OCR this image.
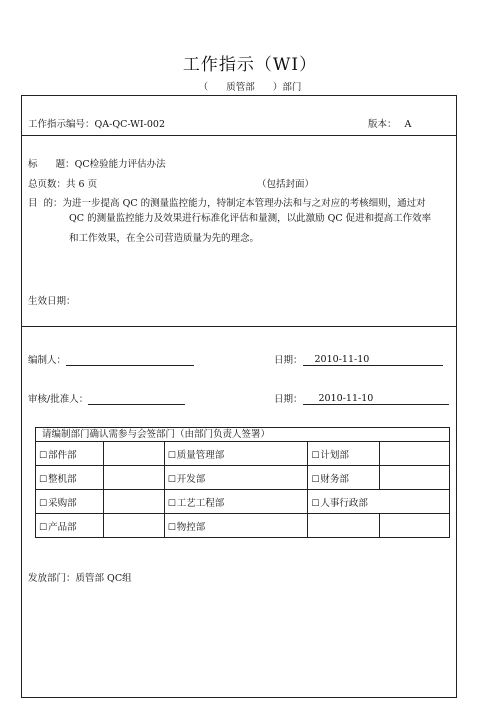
工作指示（WI）
（      质管部      ）部门
工作指示编号：QA-QC-WI-002	版本： A
标      题：QC检验能力评估办法
总页数：共 6 页	（包括封面）
目  的：为进一步提高 QC 的测量监控能力，特制定本管理办法和与之对应的考核细则，通过对
QC 的测量监控能力及效果进行标准化评估和量测，以此激励 QC 促进和提高工作效率
和工作效果，在全公司营造质量为先的理念。
生效日期：
编制人：	日期： 2010-11-10
审核/批准人：	日期： 2010-11-10
请编制部门确认需参与会签部门（由部门负责人签署）				
☐部件部		☐质量管理部	☐计划部	
☐整机部		☐开发部	☐财务部	
☐采购部		☐工艺工程部	☐人事行政部	
☐产品部		☐物控部		
发放部门：质管部 QC组
